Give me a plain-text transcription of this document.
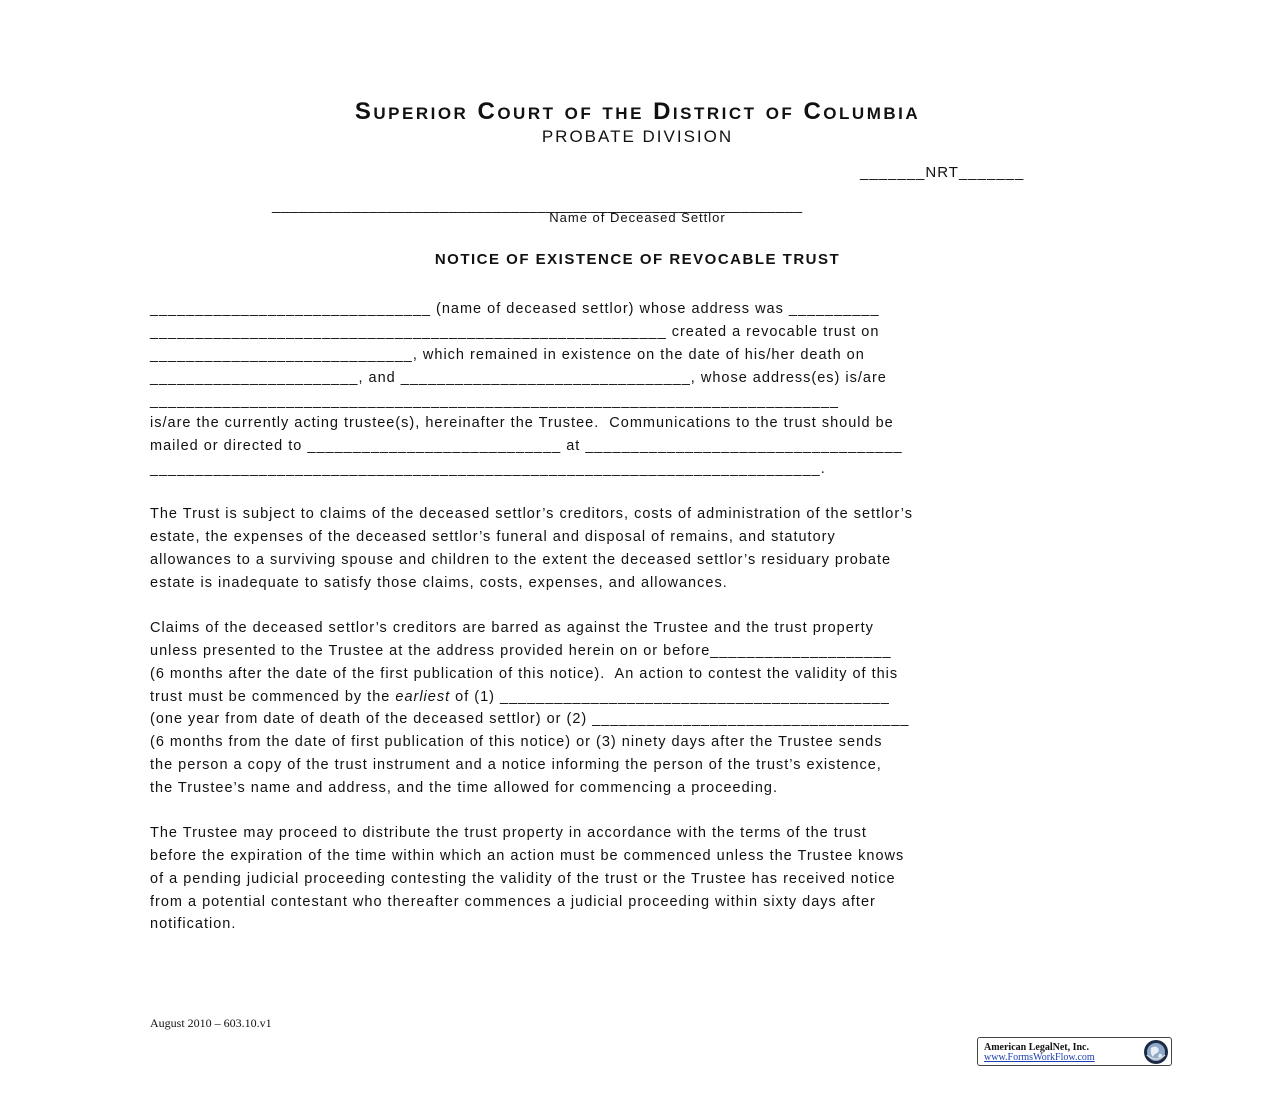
Superior Court of the District of Columbia
PROBATE DIVISION
_______NRT_______
____________________________________________________________
Name of Deceased Settlor
NOTICE OF EXISTENCE OF REVOCABLE TRUST
_______________________________ (name of deceased settlor) whose address was __________
_________________________________________________________ created a revocable trust on
_____________________________, which remained in existence on the date of his/her death on
_______________________, and ________________________________, whose address(es) is/are
____________________________________________________________________________
is/are the currently acting trustee(s), hereinafter the Trustee.  Communications to the trust should be
mailed or directed to ____________________________ at ___________________________________
__________________________________________________________________________.
The Trust is subject to claims of the deceased settlor’s creditors, costs of administration of the settlor’s
estate, the expenses of the deceased settlor’s funeral and disposal of remains, and statutory
allowances to a surviving spouse and children to the extent the deceased settlor’s residuary probate
estate is inadequate to satisfy those claims, costs, expenses, and allowances.
Claims of the deceased settlor’s creditors are barred as against the Trustee and the trust property
unless presented to the Trustee at the address provided herein on or before____________________
(6 months after the date of the first publication of this notice).  An action to contest the validity of this
trust must be commenced by the earliest of (1) ___________________________________________
(one year from date of death of the deceased settlor) or (2) ___________________________________
(6 months from the date of first publication of this notice) or (3) ninety days after the Trustee sends
the person a copy of the trust instrument and a notice informing the person of the trust’s existence,
the Trustee’s name and address, and the time allowed for commencing a proceeding.
The Trustee may proceed to distribute the trust property in accordance with the terms of the trust
before the expiration of the time within which an action must be commenced unless the Trustee knows
of a pending judicial proceeding contesting the validity of the trust or the Trustee has received notice
from a potential contestant who thereafter commences a judicial proceeding within sixty days after
notification.
August 2010 – 603.10.v1
American LegalNet, Inc.
www.FormsWorkFlow.com
